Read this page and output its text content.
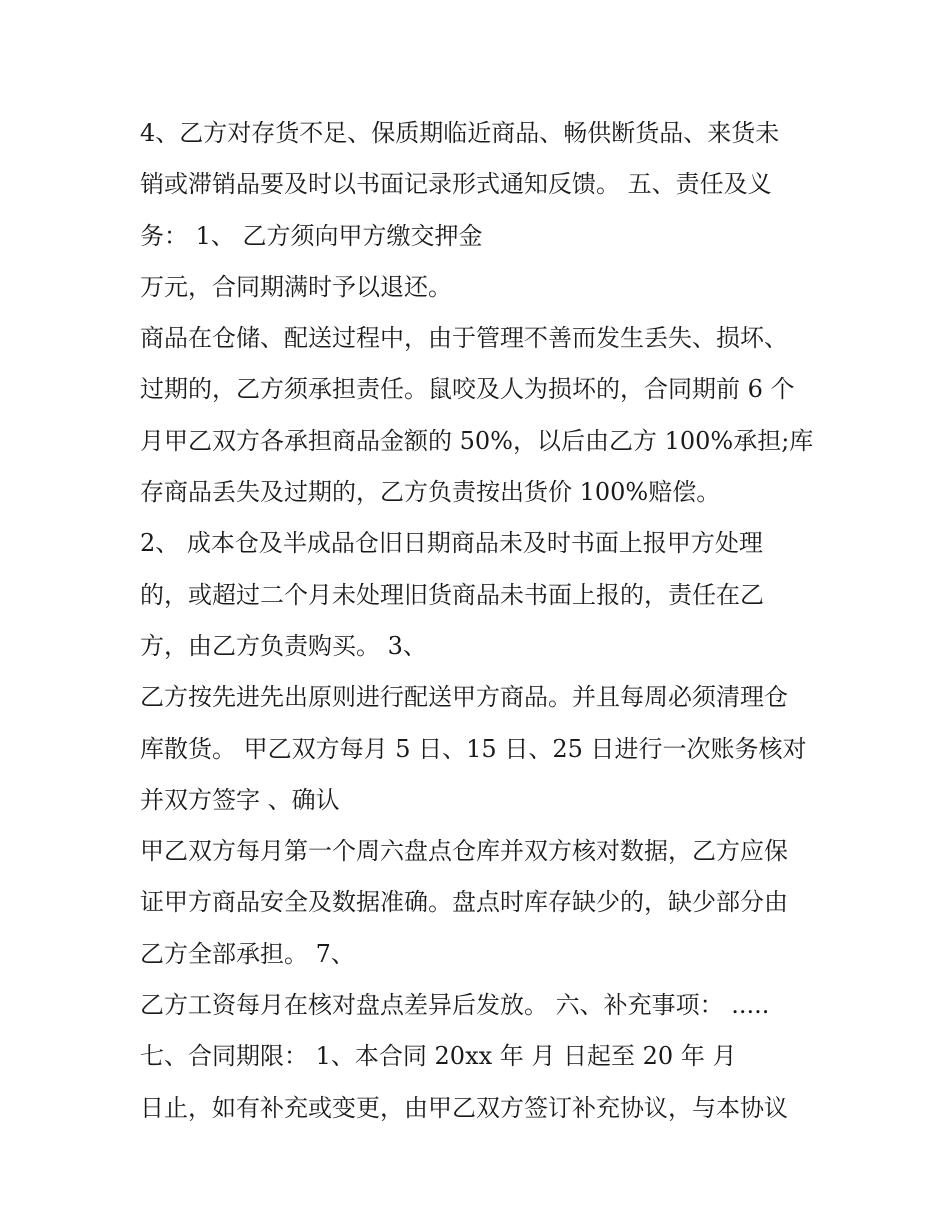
4、乙方对存货不足、保质期临近商品、畅供断货品、来货未
销或滞销品要及时以书面记录形式通知反馈。 五、责任及义
务： 1、 乙方须向甲方缴交押金
万元，合同期满时予以退还。
商品在仓储、配送过程中，由于管理不善而发生丢失、损坏、
过期的，乙方须承担责任。鼠咬及人为损坏的，合同期前 6 个
月甲乙双方各承担商品金额的 50%，以后由乙方 100%承担;库
存商品丢失及过期的，乙方负责按出货价 100%赔偿。
2、 成本仓及半成品仓旧日期商品未及时书面上报甲方处理
的，或超过二个月未处理旧货商品未书面上报的，责任在乙
方，由乙方负责购买。 3、
乙方按先进先出原则进行配送甲方商品。并且每周必须清理仓
库散货。 甲乙双方每月 5 日、15 日、25 日进行一次账务核对
并双方签字 、确认
甲乙双方每月第一个周六盘点仓库并双方核对数据，乙方应保
证甲方商品安全及数据准确。盘点时库存缺少的，缺少部分由
乙方全部承担。 7、
乙方工资每月在核对盘点差异后发放。 六、补充事项： .....
七、合同期限： 1、本合同 20xx 年 月 日起至 20 年 月
日止，如有补充或变更，由甲乙双方签订补充协议，与本协议
